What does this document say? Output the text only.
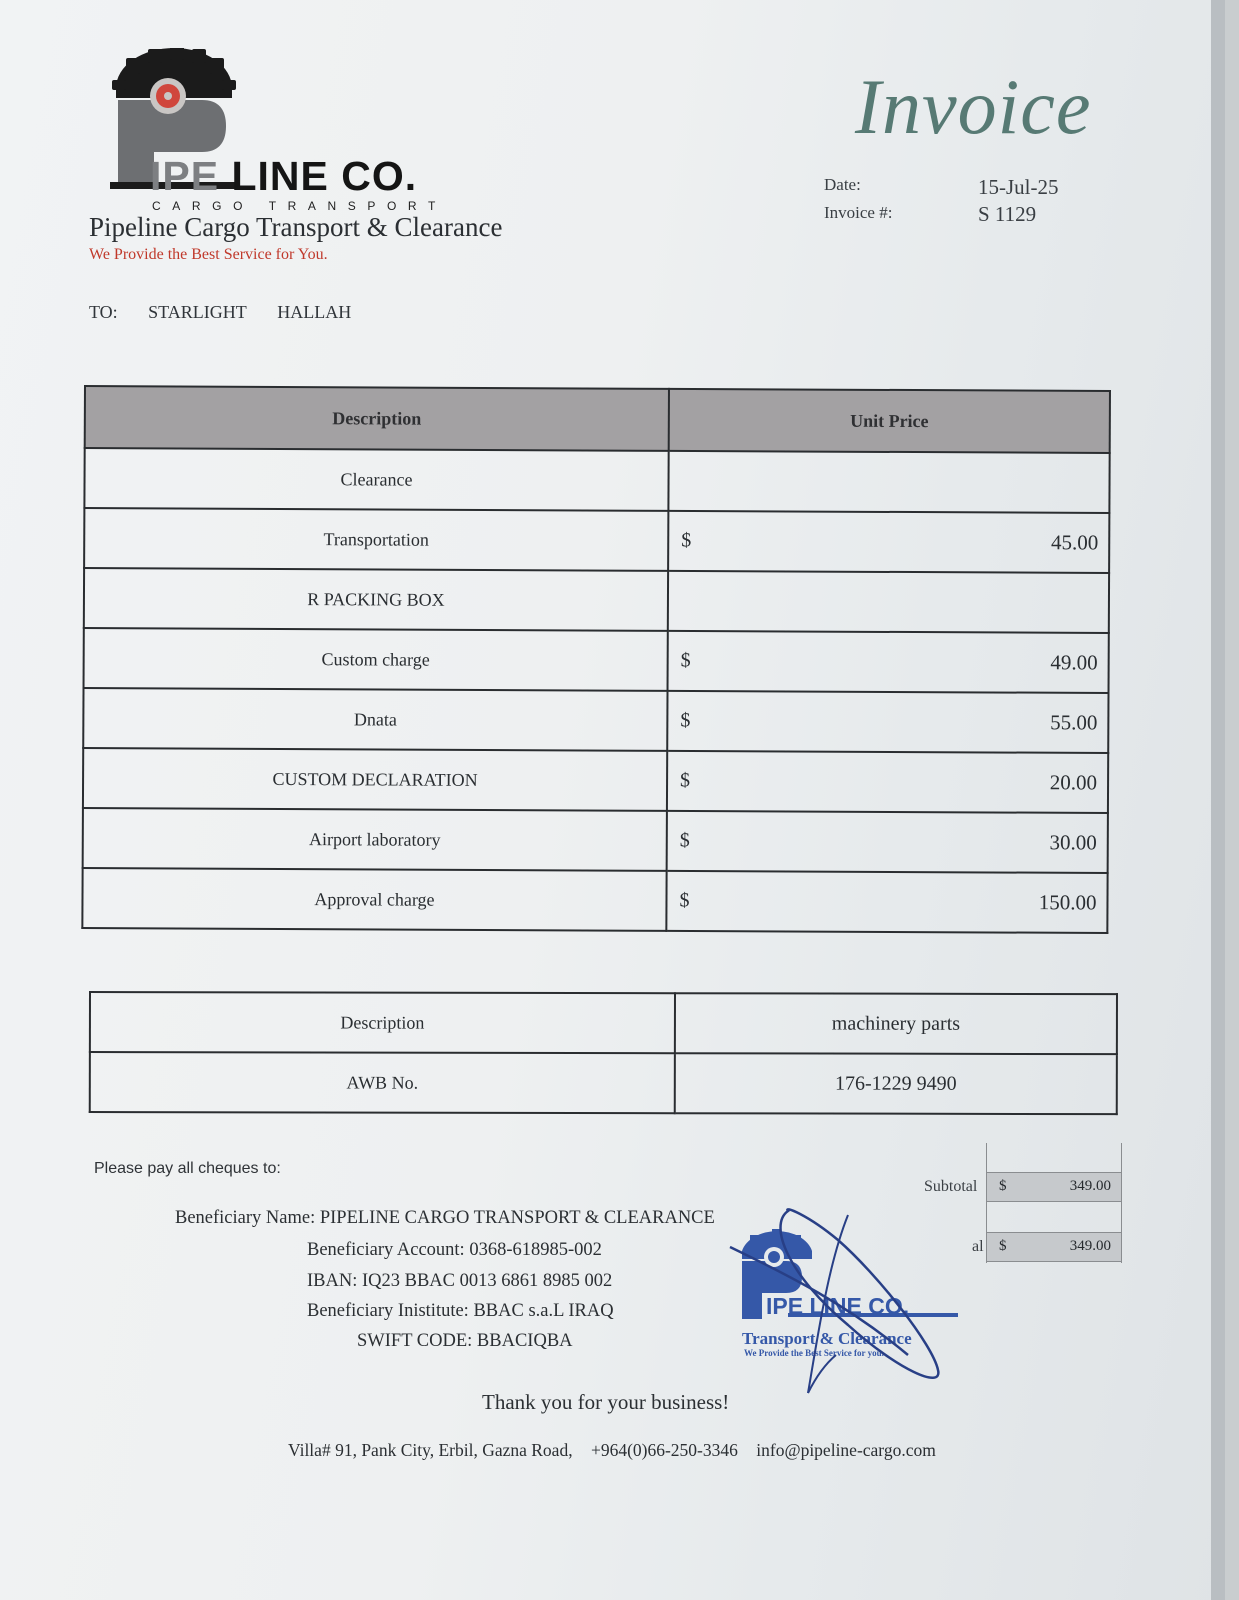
IPE LINE CO.
CARGO TRANSPORT
Pipeline Cargo Transport & Clearance
We Provide the Best Service for You.
Invoice
Date:	15-Jul-25
Invoice #:	S 1129
TO: STARLIGHT HALLAH
Description	Unit Price
Clearance	

Transportation	$ 45.00

R PACKING BOX	

Custom charge	$ 49.00

Dnata	$ 55.00

CUSTOM DECLARATION	$ 20.00

Airport laboratory	$ 30.00

Approval charge	$ 150.00
Description	machinery parts
AWB No.	176-1229 9490
Please pay all cheques to:
Beneficiary Name: PIPELINE CARGO TRANSPORT & CLEARANCE
Beneficiary Account: 0368-618985-002
IBAN: IQ23 BBAC 0013 6861 8985 002
Beneficiary Inistitute: BBAC s.a.L IRAQ
SWIFT CODE: BBACIQBA
Subtotal $	349.00
al $	349.00
IPE LINE CO.
Transport & Clearance
We Provide the Best Service for you.
Thank you for your business!
Villa# 91, Pank City, Erbil, Gazna Road, +964(0)66-250-3346 info@pipeline-cargo.com
